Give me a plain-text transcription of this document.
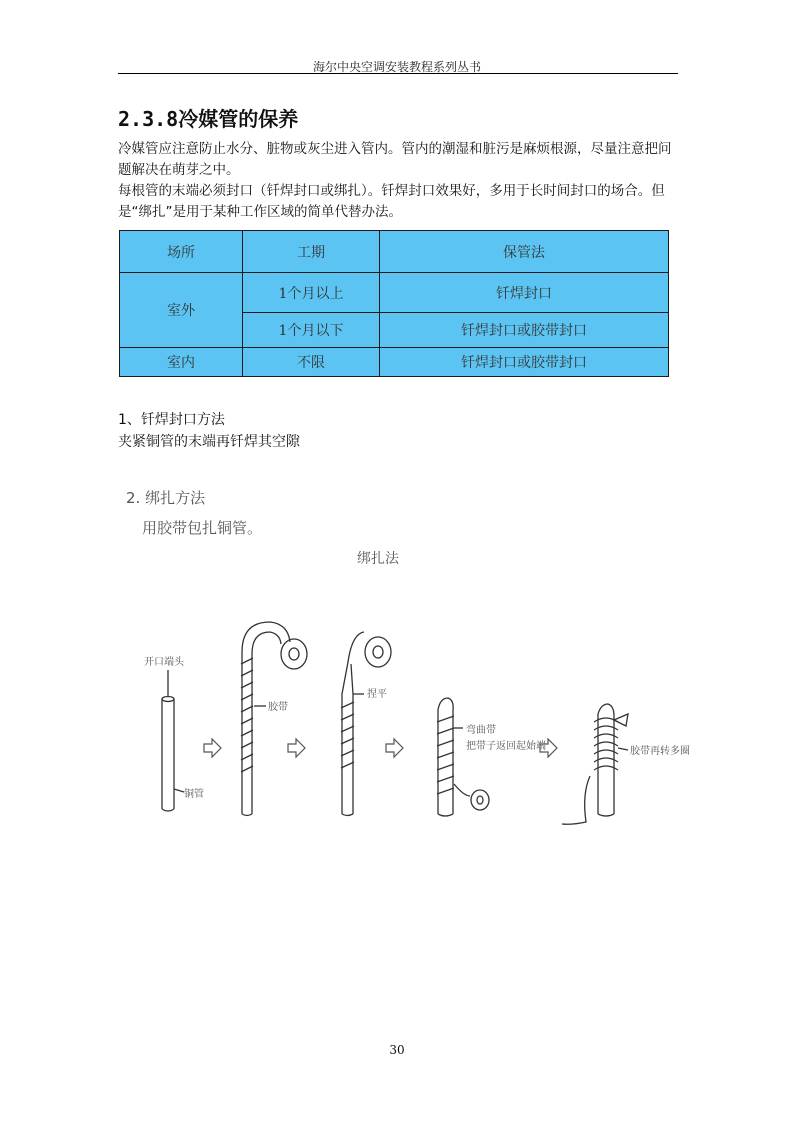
海尔中央空调安装教程系列丛书
2.3.8冷媒管的保养
冷媒管应注意防止水分、脏物或灰尘进入管内。管内的潮湿和脏污是麻烦根源，尽量注意把问题解决在萌芽之中。
每根管的末端必须封口（钎焊封口或绑扎）。钎焊封口效果好，多用于长时间封口的场合。但是“绑扎”是用于某种工作区域的简单代替办法。
场所	工期	保管法
室外	1个月以上	钎焊封口
	1个月以下	钎焊封口或胶带封口
室内	不限	钎焊封口或胶带封口
1、钎焊封口方法
夹紧铜管的末端再钎焊其空隙
2. 绑扎方法
用胶带包扎铜管。
绑扎法
开口端头
铜管
胶带
捏平
弯曲带
把带子返回起始端	胶带再转多圈
30
